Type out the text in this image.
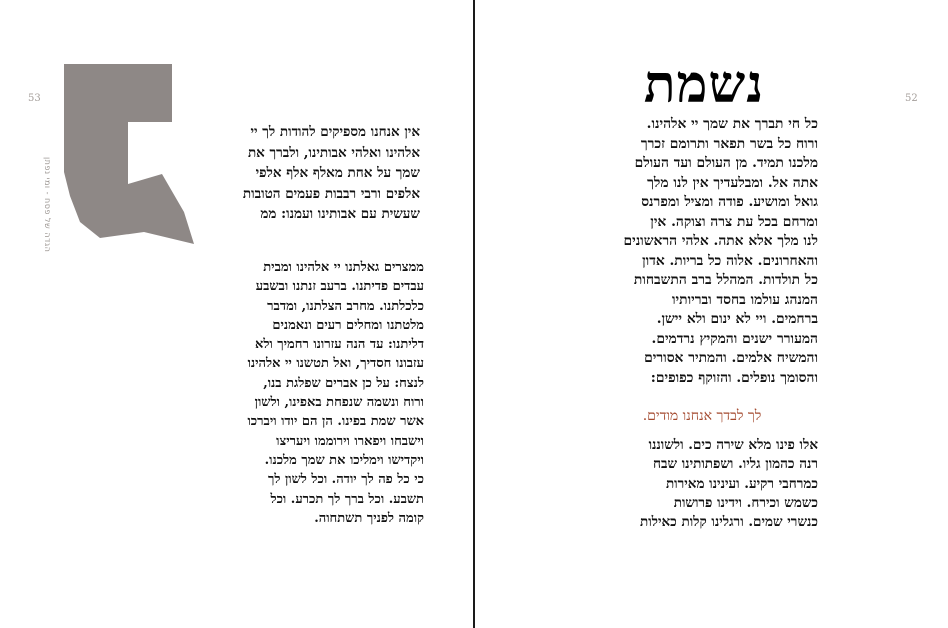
53	52
הגדה של פסח - ומי נפתן
אין אנחנו מספיקים להודות לך יי
אלהינו ואלהי אבותינו, ולברך את
שמך על אחת מאלף אלף אלפי
אלפים ורבי רבבות פעמים הטובות
שעשית עם אבותינו ועמנו: ממ
ממצרים גאלתנו יי אלהינו ומבית
עבדים פדיתנו. ברעב זנתנו ובשבע
כלכלתנו. מחרב הצלתנו, ומדבר
מלטתנו ומחלים רעים ונאמנים
דליתנו: עד הנה עזרונו רחמיך ולא
עזבונו חסדיך, ואל תטשנו יי אלהינו
לנצח: על כן אברים שפלגת בנו,
ורוח ונשמה שנפחת באפינו, ולשון
אשר שמת בפינו. הן הם יודו ויברכו
וישבחו ויפארו וירוממו ויעריצו
ויקדישו וימליכו את שמך מלכנו.
כי כל פה לך יודה. וכל לשון לך
תשבע. וכל ברך לך תכרע. וכל
קומה לפניך תשתחוה.
נשמת
כל חי תברך את שמך יי אלהינו.
ורוח כל בשר תפאר ותרומם זכרך
מלכנו תמיד. מן העולם ועד העולם
אתה אל. ומבלעדיך אין לנו מלך
גואל ומושיע. פודה ומציל ומפרנס
ומרחם בכל עת צרה וצוקה. אין
לנו מלך אלא אתה. אלהי הראשונים
והאחרונים. אלוה כל בריות. אדון
כל תולדות. המהלל ברב התשבחות
המנהג עולמו בחסד ובריותיו
ברחמים. ויי לא ינום ולא יישן.
המעורר ישנים והמקיץ נרדמים.
והמשיח אלמים. והמתיר אסורים
והסומך נופלים. והזוקף כפופים:
לך לבדך אנחנו מודים.
אלו פינו מלא שירה כים. ולשוננו
רנה כהמון גליו. ושפתותינו שבח
כמרחבי רקיע. ועינינו מאירות
כשמש וכירח. וידינו פרושות
כנשרי שמים. ורגלינו קלות כאילות
